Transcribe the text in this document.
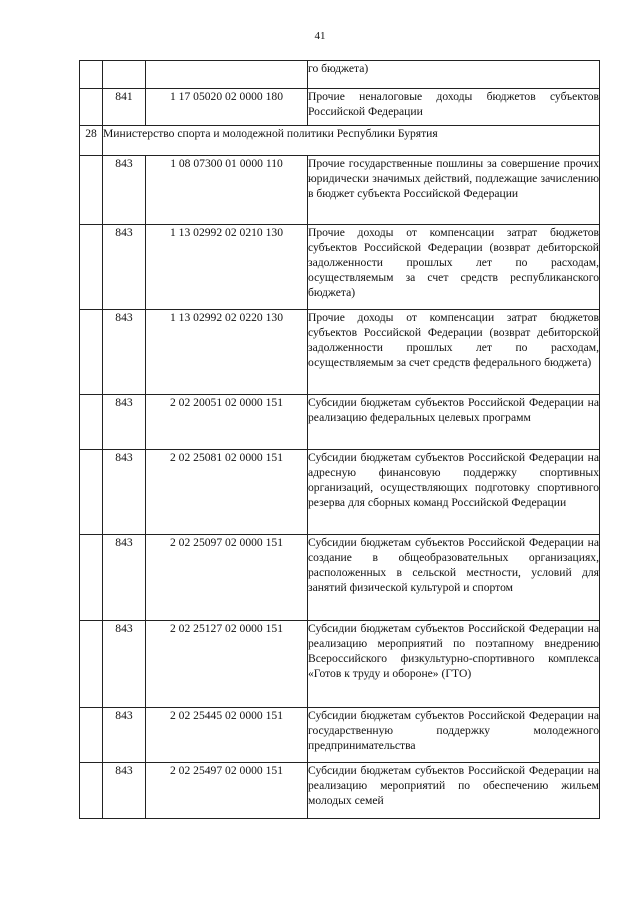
41
			го бюджета)
	841	1 17 05020 02 0000 180	Прочие неналоговые доходы бюджетов субъектов Российской Федерации
28	Министерство спорта и молодежной политики Республики Бурятия		
	843	1 08 07300 01 0000 110	Прочие государственные пошлины за совершение прочих юридически значимых действий, подлежащие зачислению в бюджет субъекта Российской Федерации
	843	1 13 02992 02 0210 130	Прочие доходы от компенсации затрат бюджетов субъектов Российской Федерации (возврат дебиторской задолженности прошлых лет по расходам, осуществляемым за счет средств республиканского бюджета)
	843	1 13 02992 02 0220 130	Прочие доходы от компенсации затрат бюджетов субъектов Российской Федерации (возврат дебиторской задолженности прошлых лет по расходам, осуществляемым за счет средств федерального бюджета)
	843	2 02 20051 02 0000 151	Субсидии бюджетам субъектов Российской Федерации на реализацию федеральных целевых программ
	843	2 02 25081 02 0000 151	Субсидии бюджетам субъектов Российской Федерации на адресную финансовую поддержку спортивных организаций, осуществляющих подготовку спортивного резерва для сборных команд Российской Федерации
	843	2 02 25097 02 0000 151	Субсидии бюджетам субъектов Российской Федерации на создание в общеобразовательных организациях, расположенных в сельской местности, условий для занятий физической культурой и спортом
	843	2 02 25127 02 0000 151	Субсидии бюджетам субъектов Российской Федерации на реализацию мероприятий по поэтапному внедрению Всероссийского физкультурно-спортивного комплекса «Готов к труду и обороне» (ГТО)
	843	2 02 25445 02 0000 151	Субсидии бюджетам субъектов Российской Федерации на государственную поддержку молодежного предпринимательства
	843	2 02 25497 02 0000 151	Субсидии бюджетам субъектов Российской Федерации на реализацию мероприятий по обеспечению жильем молодых семей
